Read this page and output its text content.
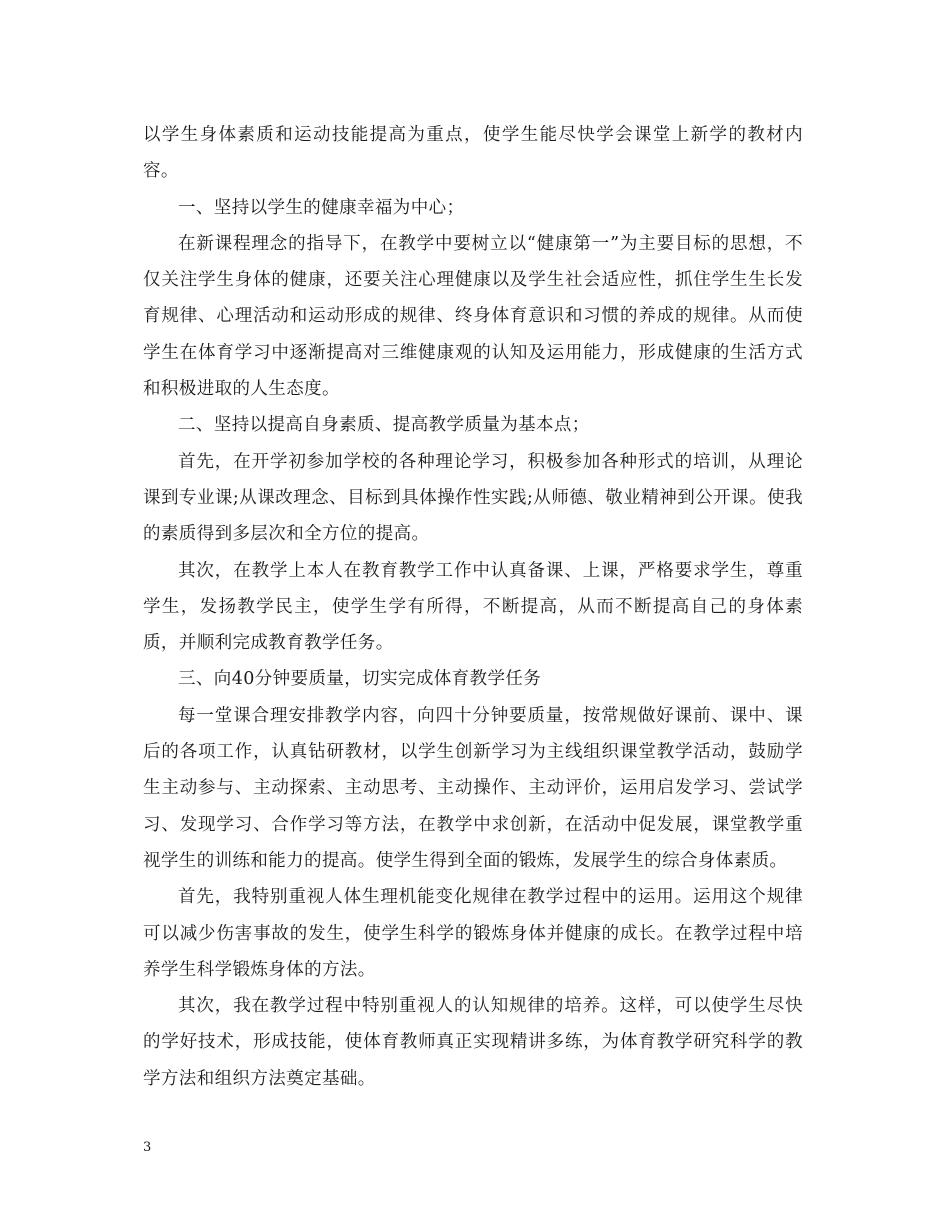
以学生身体素质和运动技能提高为重点，使学生能尽快学会课堂上新学的教材内容。

一、坚持以学生的健康幸福为中心；

在新课程理念的指导下，在教学中要树立以“健康第一”为主要目标的思想，不仅关注学生身体的健康，还要关注心理健康以及学生社会适应性，抓住学生生长发育规律、心理活动和运动形成的规律、终身体育意识和习惯的养成的规律。从而使学生在体育学习中逐渐提高对三维健康观的认知及运用能力，形成健康的生活方式和积极进取的人生态度。

二、坚持以提高自身素质、提高教学质量为基本点；

首先，在开学初参加学校的各种理论学习，积极参加各种形式的培训，从理论课到专业课;从课改理念、目标到具体操作性实践;从师德、敬业精神到公开课。使我的素质得到多层次和全方位的提高。

其次，在教学上本人在教育教学工作中认真备课、上课，严格要求学生，尊重学生，发扬教学民主，使学生学有所得，不断提高，从而不断提高自己的身体素质，并顺利完成教育教学任务。

三、向40分钟要质量，切实完成体育教学任务

每一堂课合理安排教学内容，向四十分钟要质量，按常规做好课前、课中、课后的各项工作，认真钻研教材，以学生创新学习为主线组织课堂教学活动，鼓励学生主动参与、主动探索、主动思考、主动操作、主动评价，运用启发学习、尝试学习、发现学习、合作学习等方法，在教学中求创新，在活动中促发展，课堂教学重视学生的训练和能力的提高。使学生得到全面的锻炼，发展学生的综合身体素质。

首先，我特别重视人体生理机能变化规律在教学过程中的运用。运用这个规律可以减少伤害事故的发生，使学生科学的锻炼身体并健康的成长。在教学过程中培养学生科学锻炼身体的方法。

其次，我在教学过程中特别重视人的认知规律的培养。这样，可以使学生尽快的学好技术，形成技能，使体育教师真正实现精讲多练，为体育教学研究科学的教学方法和组织方法奠定基础。

3
